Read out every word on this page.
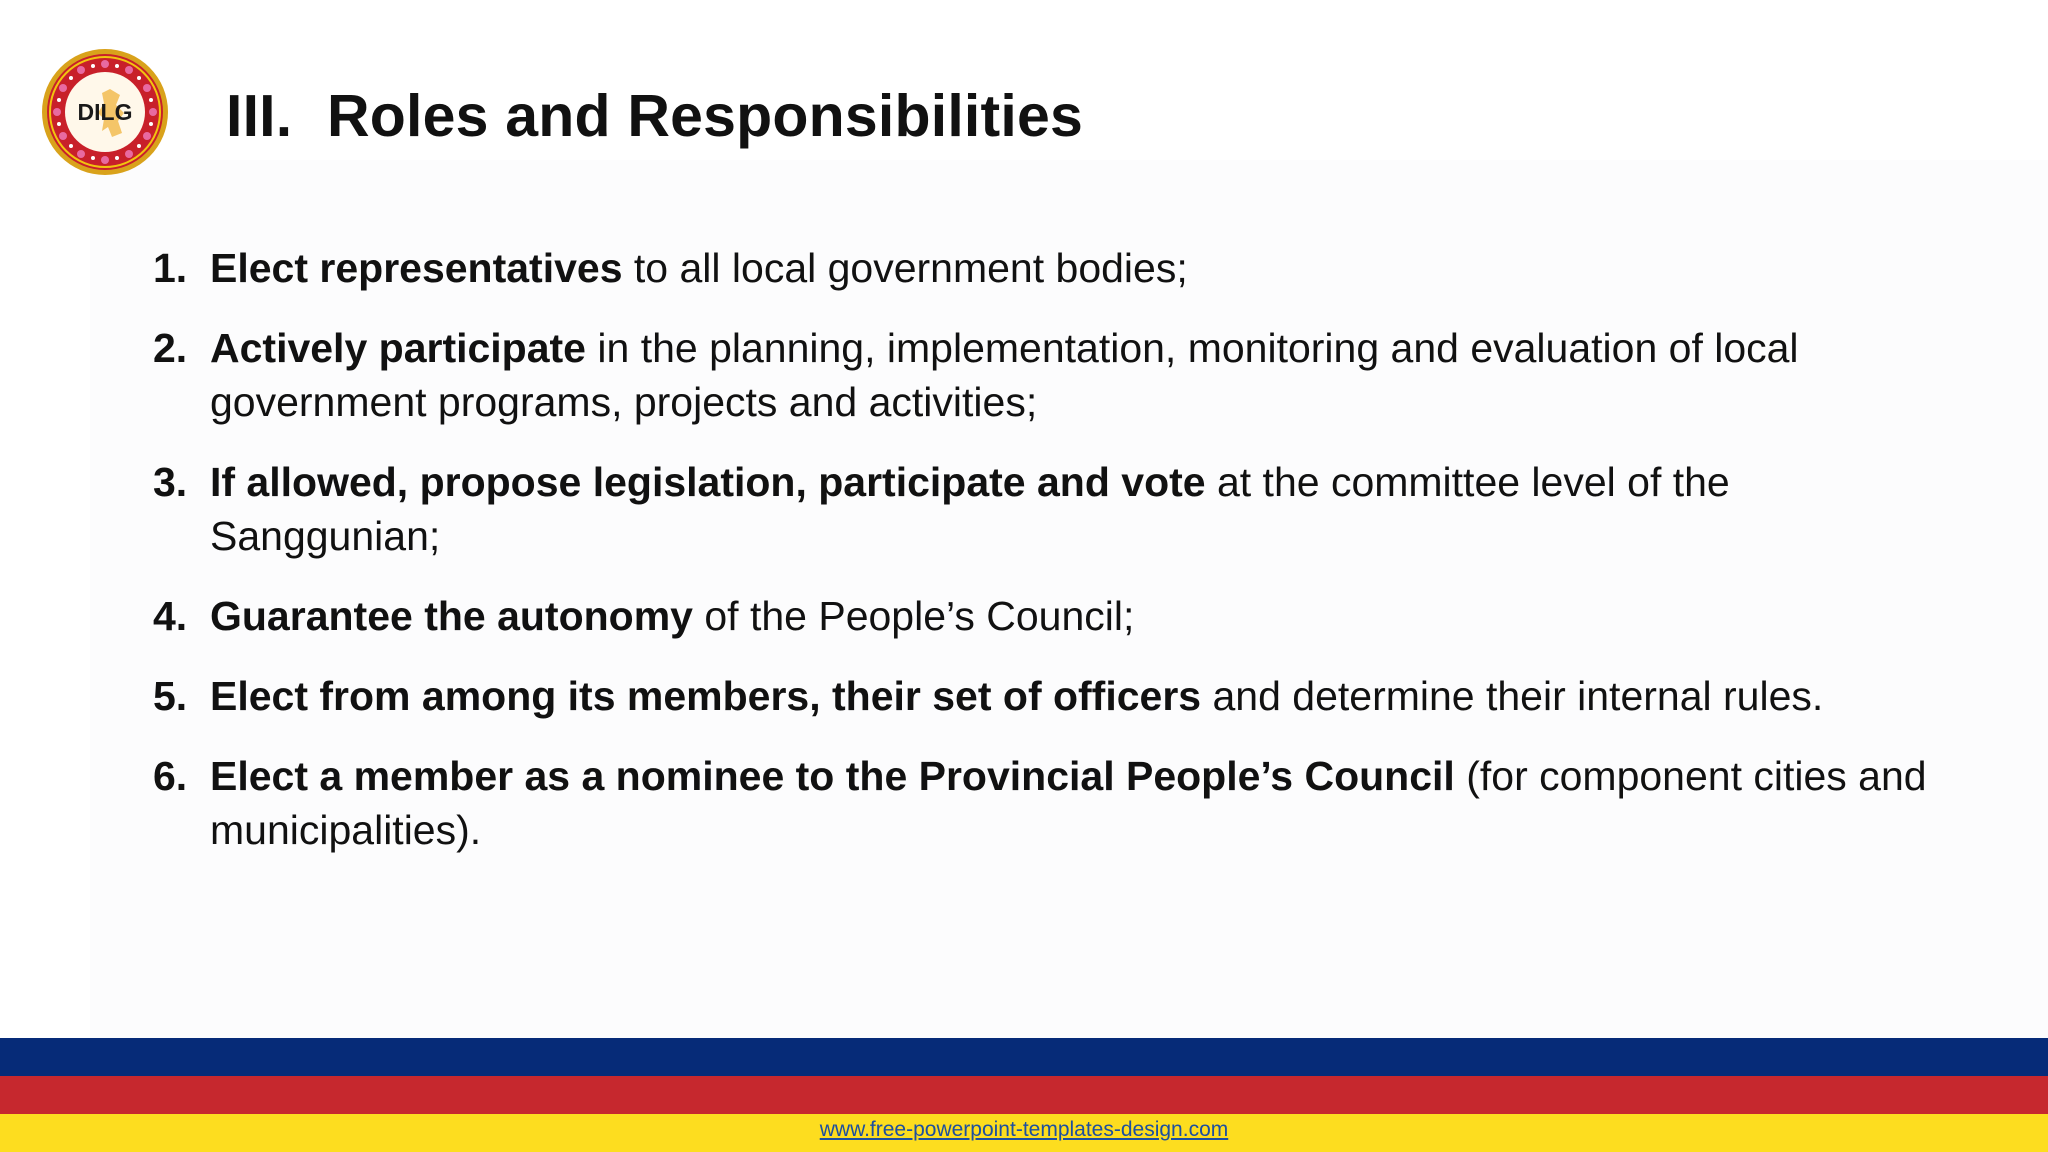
DILG III. Roles and Responsibilities
1. Elect representatives to all local government bodies;
2. Actively participate in the planning, implementation, monitoring and evaluation of local government programs, projects and activities;
3. If allowed, propose legislation, participate and vote at the committee level of the Sanggunian;
4. Guarantee the autonomy of the People’s Council;
5. Elect from among its members, their set of officers and determine their internal rules.
6. Elect a member as a nominee to the Provincial People’s Council (for component cities and municipalities).
www.free-powerpoint-templates-design.com
